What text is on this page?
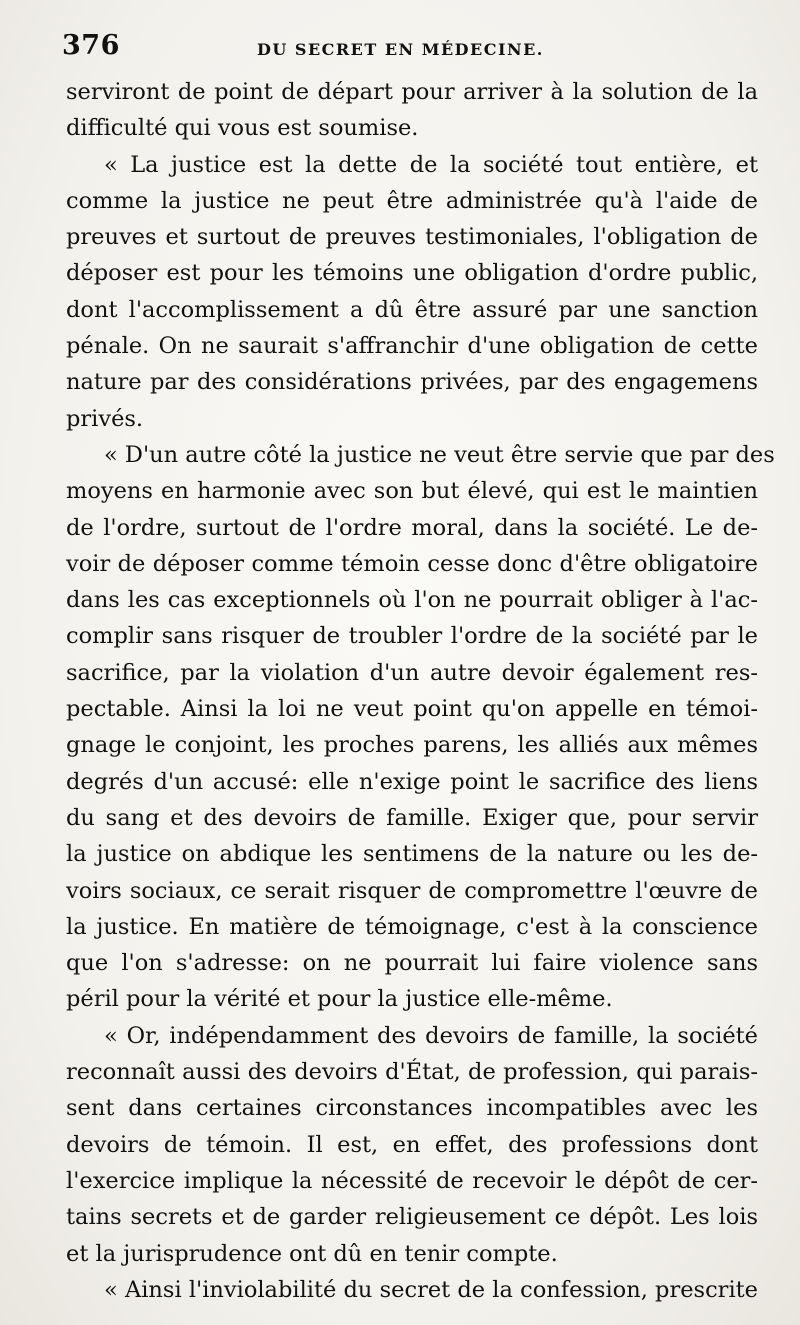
376	DU SECRET EN MÉDECINE.
serviront de point de départ pour arriver à la solution de la
difficulté qui vous est soumise.
« La justice est la dette de la société tout entière, et
comme la justice ne peut être administrée qu'à l'aide de
preuves et surtout de preuves testimoniales, l'obligation de
déposer est pour les témoins une obligation d'ordre public,
dont l'accomplissement a dû être assuré par une sanction
pénale. On ne saurait s'affranchir d'une obligation de cette
nature par des considérations privées, par des engagemens
privés.
« D'un autre côté la justice ne veut être servie que par des
moyens en harmonie avec son but élevé, qui est le maintien
de l'ordre, surtout de l'ordre moral, dans la société. Le de-
voir de déposer comme témoin cesse donc d'être obligatoire
dans les cas exceptionnels où l'on ne pourrait obliger à l'ac-
complir sans risquer de troubler l'ordre de la société par le
sacrifice, par la violation d'un autre devoir également res-
pectable. Ainsi la loi ne veut point qu'on appelle en témoi-
gnage le conjoint, les proches parens, les alliés aux mêmes
degrés d'un accusé: elle n'exige point le sacrifice des liens
du sang et des devoirs de famille. Exiger que, pour servir
la justice on abdique les sentimens de la nature ou les de-
voirs sociaux, ce serait risquer de compromettre l'œuvre de
la justice. En matière de témoignage, c'est à la conscience
que l'on s'adresse: on ne pourrait lui faire violence sans
péril pour la vérité et pour la justice elle-même.
« Or, indépendamment des devoirs de famille, la société
reconnaît aussi des devoirs d'État, de profession, qui parais-
sent dans certaines circonstances incompatibles avec les
devoirs de témoin. Il est, en effet, des professions dont
l'exercice implique la nécessité de recevoir le dépôt de cer-
tains secrets et de garder religieusement ce dépôt. Les lois
et la jurisprudence ont dû en tenir compte.
« Ainsi l'inviolabilité du secret de la confession, prescrite
